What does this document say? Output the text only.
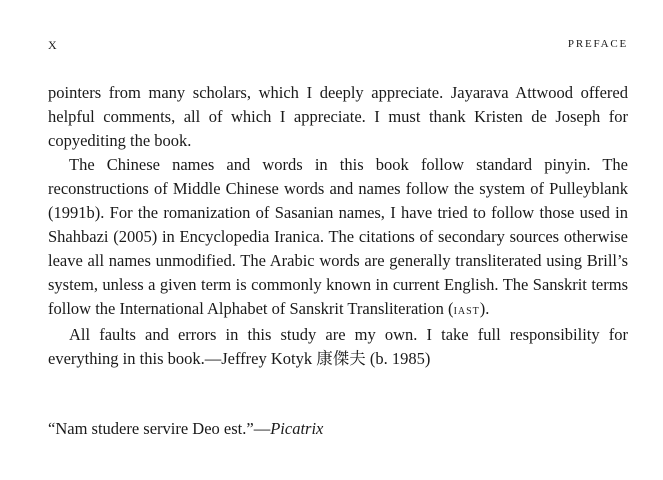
X	PREFACE

pointers from many scholars, which I deeply appreciate. Jayarava Attwood offered helpful comments, all of which I appreciate. I must thank Kristen de Joseph for copyediting the book.

The Chinese names and words in this book follow standard pinyin. The reconstructions of Middle Chinese words and names follow the system of Pulleyblank (1991b). For the romanization of Sasanian names, I have tried to follow those used in Shahbazi (2005) in Encyclopedia Iranica. The citations of secondary sources otherwise leave all names unmodified. The Arabic words are generally transliterated using Brill’s system, unless a given term is commonly known in current English. The Sanskrit terms follow the International Alphabet of Sanskrit Transliteration (iast).

All faults and errors in this study are my own. I take full responsibility for everything in this book.—Jeffrey Kotyk 康傑夫 (b. 1985)

“Nam studere servire Deo est.”—Picatrix
